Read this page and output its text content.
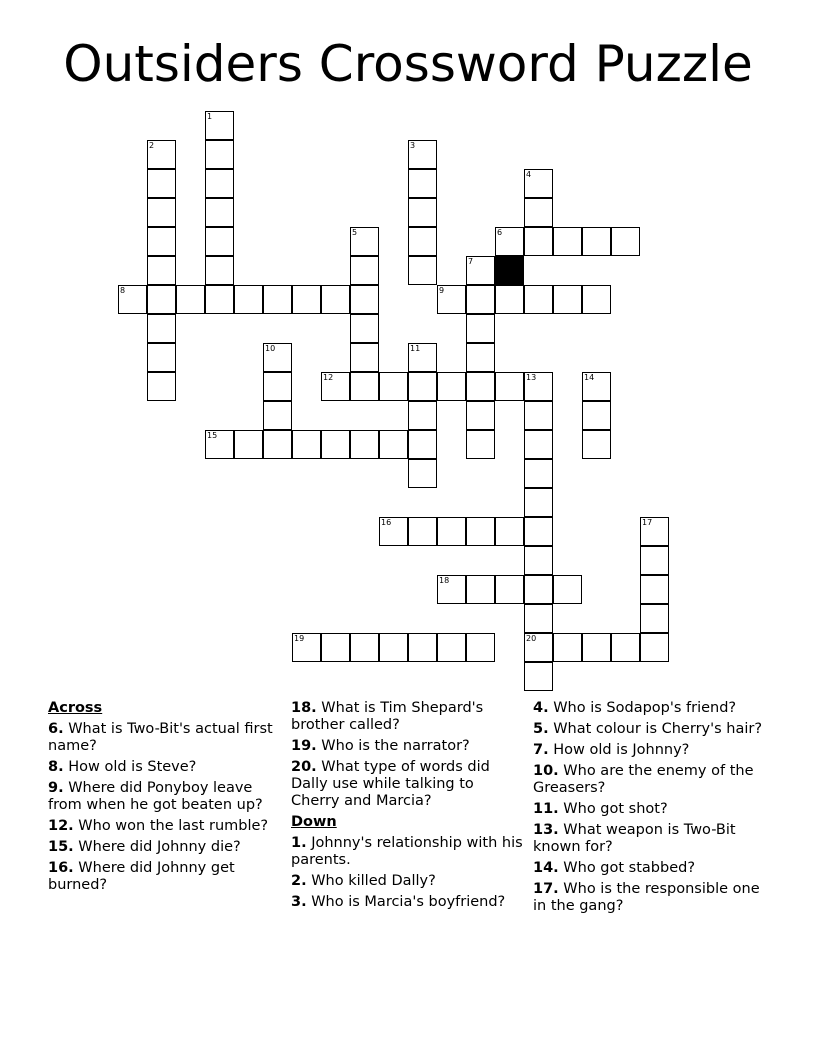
Outsiders Crossword Puzzle
1
2	3
4
5	6
7
8	9
10	11
12	13
20
14
15
16	17
18
19
Across
6. What is Two-Bit's actual first name?
8. How old is Steve?
9. Where did Ponyboy leave from when he got beaten up?
12. Who won the last rumble?
15. Where did Johnny die?
16. Where did Johnny get burned?
18. What is Tim Shepard's brother called?
19. Who is the narrator?
20. What type of words did Dally use while talking to Cherry and Marcia?
Down
1. Johnny's relationship with his parents.
2. Who killed Dally?
3. Who is Marcia's boyfriend?
4. Who is Sodapop's friend?
5. What colour is Cherry's hair?
7. How old is Johnny?
10. Who are the enemy of the Greasers?
11. Who got shot?
13. What weapon is Two-Bit known for?
14. Who got stabbed?
17. Who is the responsible one in the gang?
